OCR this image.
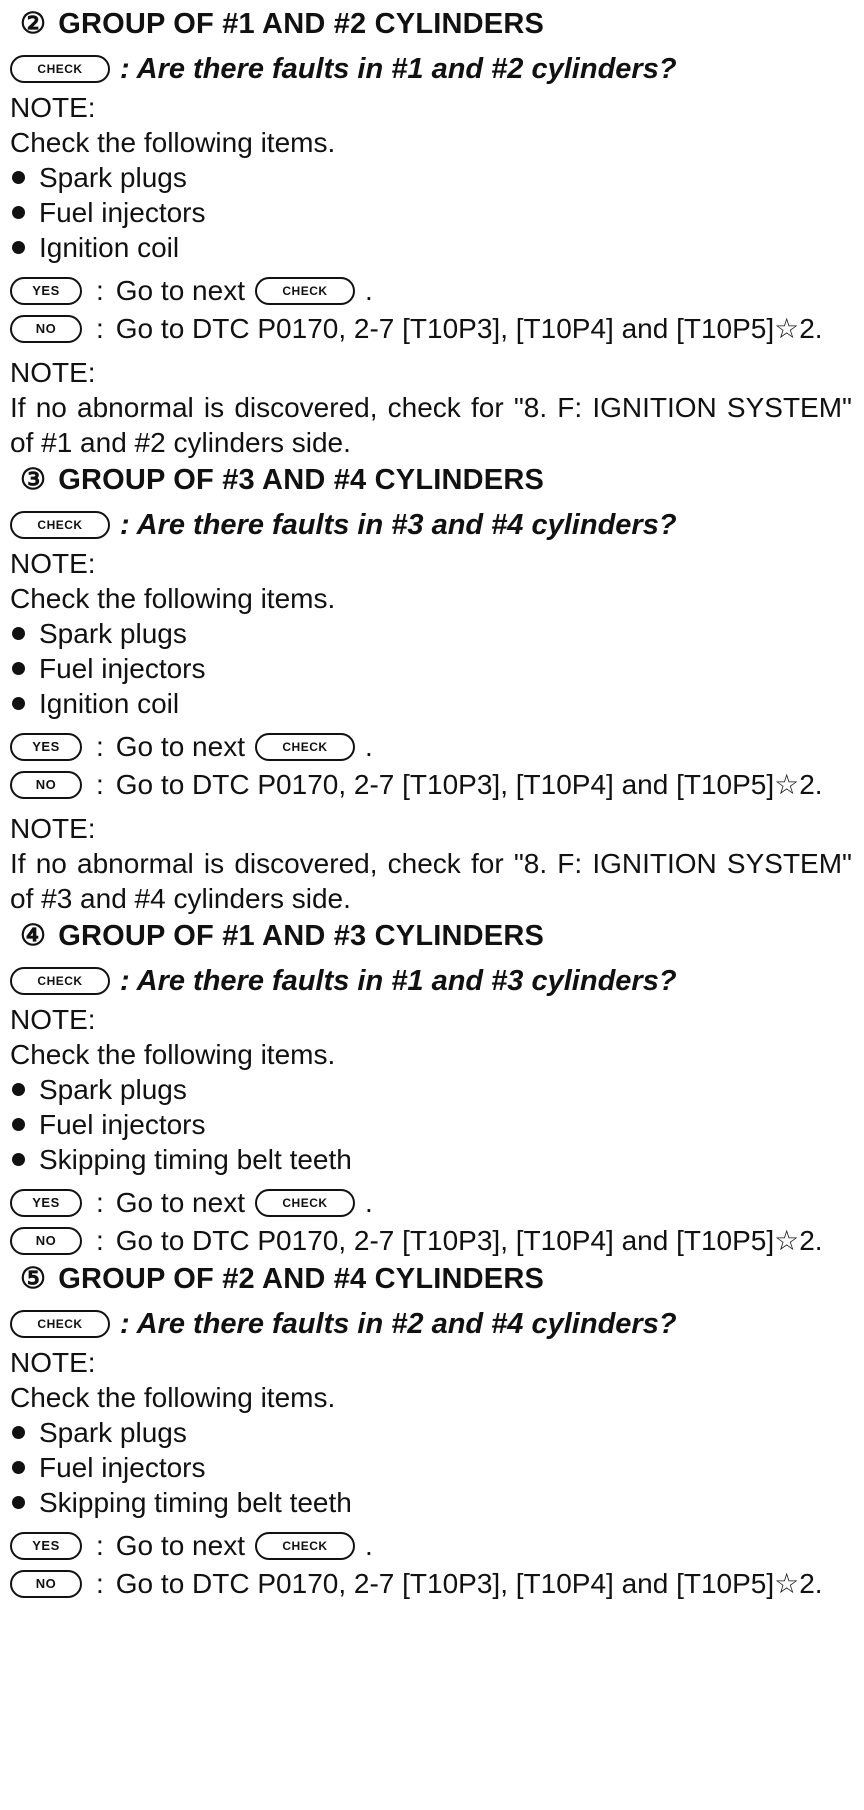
② GROUP OF #1 AND #2 CYLINDERS
CHECK	: Are there faults in #1 and #2 cylinders?
NOTE:
Check the following items.
Spark plugs
Fuel injectors
Ignition coil
YES	: Go to next	CHECK .
NO	: Go to DTC P0170, 2-7 [T10P3], [T10P4] and [T10P5]☆2.
NOTE:

If no abnormal is discovered, check for "8. F: IGNITION SYSTEM" of #1 and #2 cylinders side.

③ GROUP OF #3 AND #4 CYLINDERS
CHECK	: Are there faults in #3 and #4 cylinders?
NOTE:
Check the following items.
Spark plugs
Fuel injectors
Ignition coil
YES	: Go to next	CHECK .
NO	: Go to DTC P0170, 2-7 [T10P3], [T10P4] and [T10P5]☆2.
NOTE:

If no abnormal is discovered, check for "8. F: IGNITION SYSTEM" of #3 and #4 cylinders side.

④ GROUP OF #1 AND #3 CYLINDERS
CHECK	: Are there faults in #1 and #3 cylinders?
NOTE:
Check the following items.
Spark plugs
Fuel injectors
Skipping timing belt teeth
YES	: Go to next	CHECK .
NO	: Go to DTC P0170, 2-7 [T10P3], [T10P4] and [T10P5]☆2.
⑤ GROUP OF #2 AND #4 CYLINDERS
CHECK	: Are there faults in #2 and #4 cylinders?
NOTE:
Check the following items.
Spark plugs
Fuel injectors
Skipping timing belt teeth
YES	: Go to next	CHECK .
NO	: Go to DTC P0170, 2-7 [T10P3], [T10P4] and [T10P5]☆2.
